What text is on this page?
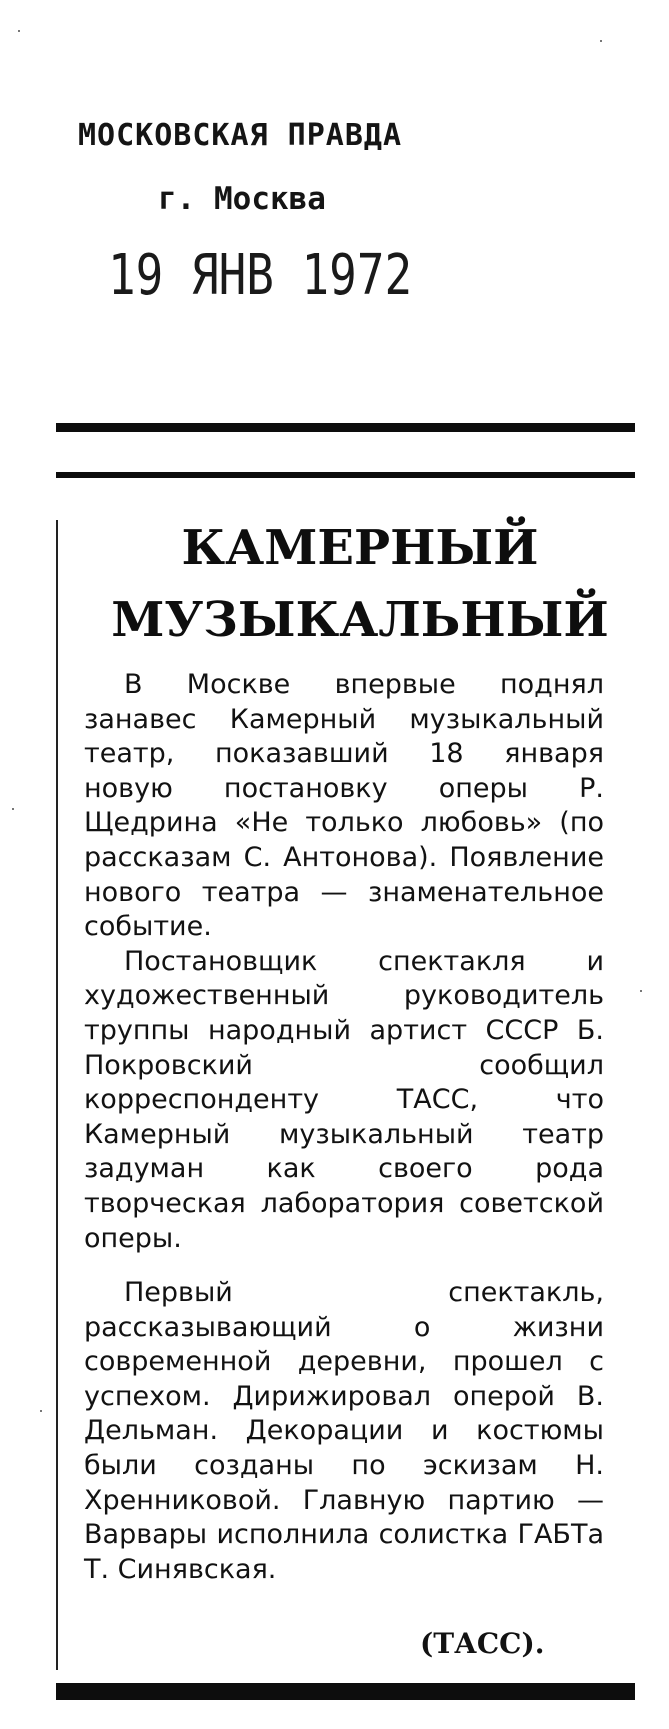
МОСКОВСКАЯ ПРАВДА
г. Москва
19 ЯНВ 1972
КАМЕРНЫЙ
МУЗЫКАЛЬНЫЙ

В Москве впервые поднял занавес Камерный музыкальный театр, показавший 18 января новую постановку оперы Р. Щедрина «Не только любовь» (по рассказам С. Антонова). Появление нового театра — знаменательное событие.

Постановщик спектакля и художественный руководитель труппы народный артист СССР Б. Покровский сообщил корреспонденту ТАСС, что Камерный музыкальный театр задуман как своего рода творческая лаборатория советской оперы.

Первый спектакль, рассказывающий о жизни современной деревни, прошел с успехом. Дирижировал оперой В. Дельман. Декорации и костюмы были созданы по эскизам Н. Хренниковой. Главную партию — Варвары исполнила солистка ГАБТа Т. Синявская.

(ТАСС).
